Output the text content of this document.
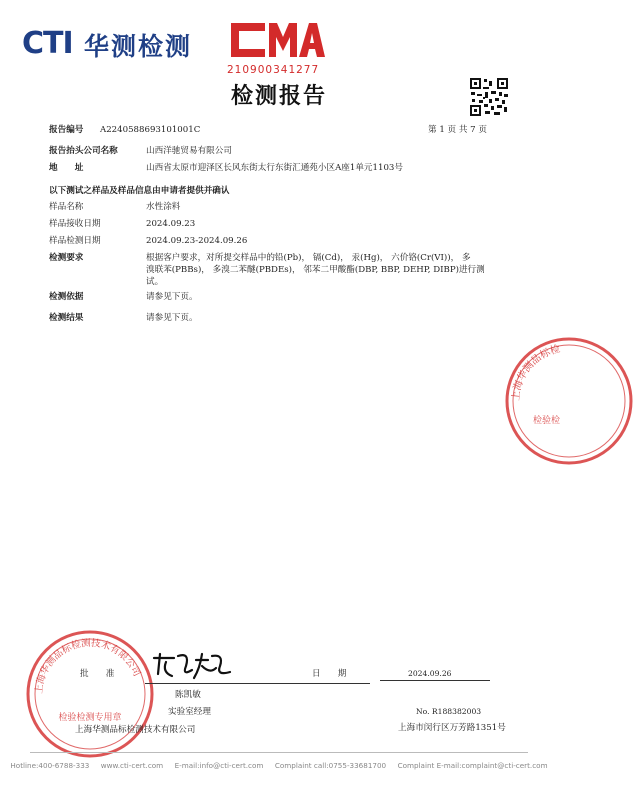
CTI 华测检测
210900341277
检测报告
报告编号 A2240588693101001C	第 1 页 共 7 页
报告抬头公司名称	山西洋驰贸易有限公司
地　　址	山西省太原市迎泽区长风东街太行东街汇通苑小区A座1单元1103号
以下测试之样品及样品信息由申请者提供并确认
样品名称	水性涂料
样品接收日期	2024.09.23
样品检测日期	2024.09.23-2024.09.26
检测要求	根据客户要求，对所提交样品中的铅(Pb)， 镉(Cd)， 汞(Hg)， 六价铬(Cr(VI))， 多
溴联苯(PBBs)， 多溴二苯醚(PBDEs)， 邻苯二甲酸酯(DBP, BBP, DEHP, DIBP)进行测
试。
检测依据	请参见下页。
检测结果	请参见下页。
上海华测品标检
检验检
上海华测品标检测技术有限公司
检验检测专用章
批　　准
陈凯敏
实验室经理
上海华测品标检测技术有限公司
日　　期	2024.09.26
No. R188382003
上海市闵行区万芳路1351号
Hotline:400-6788-333 www.cti-cert.com E-mail:info@cti-cert.com Complaint call:0755-33681700 Complaint E-mail:complaint@cti-cert.com
